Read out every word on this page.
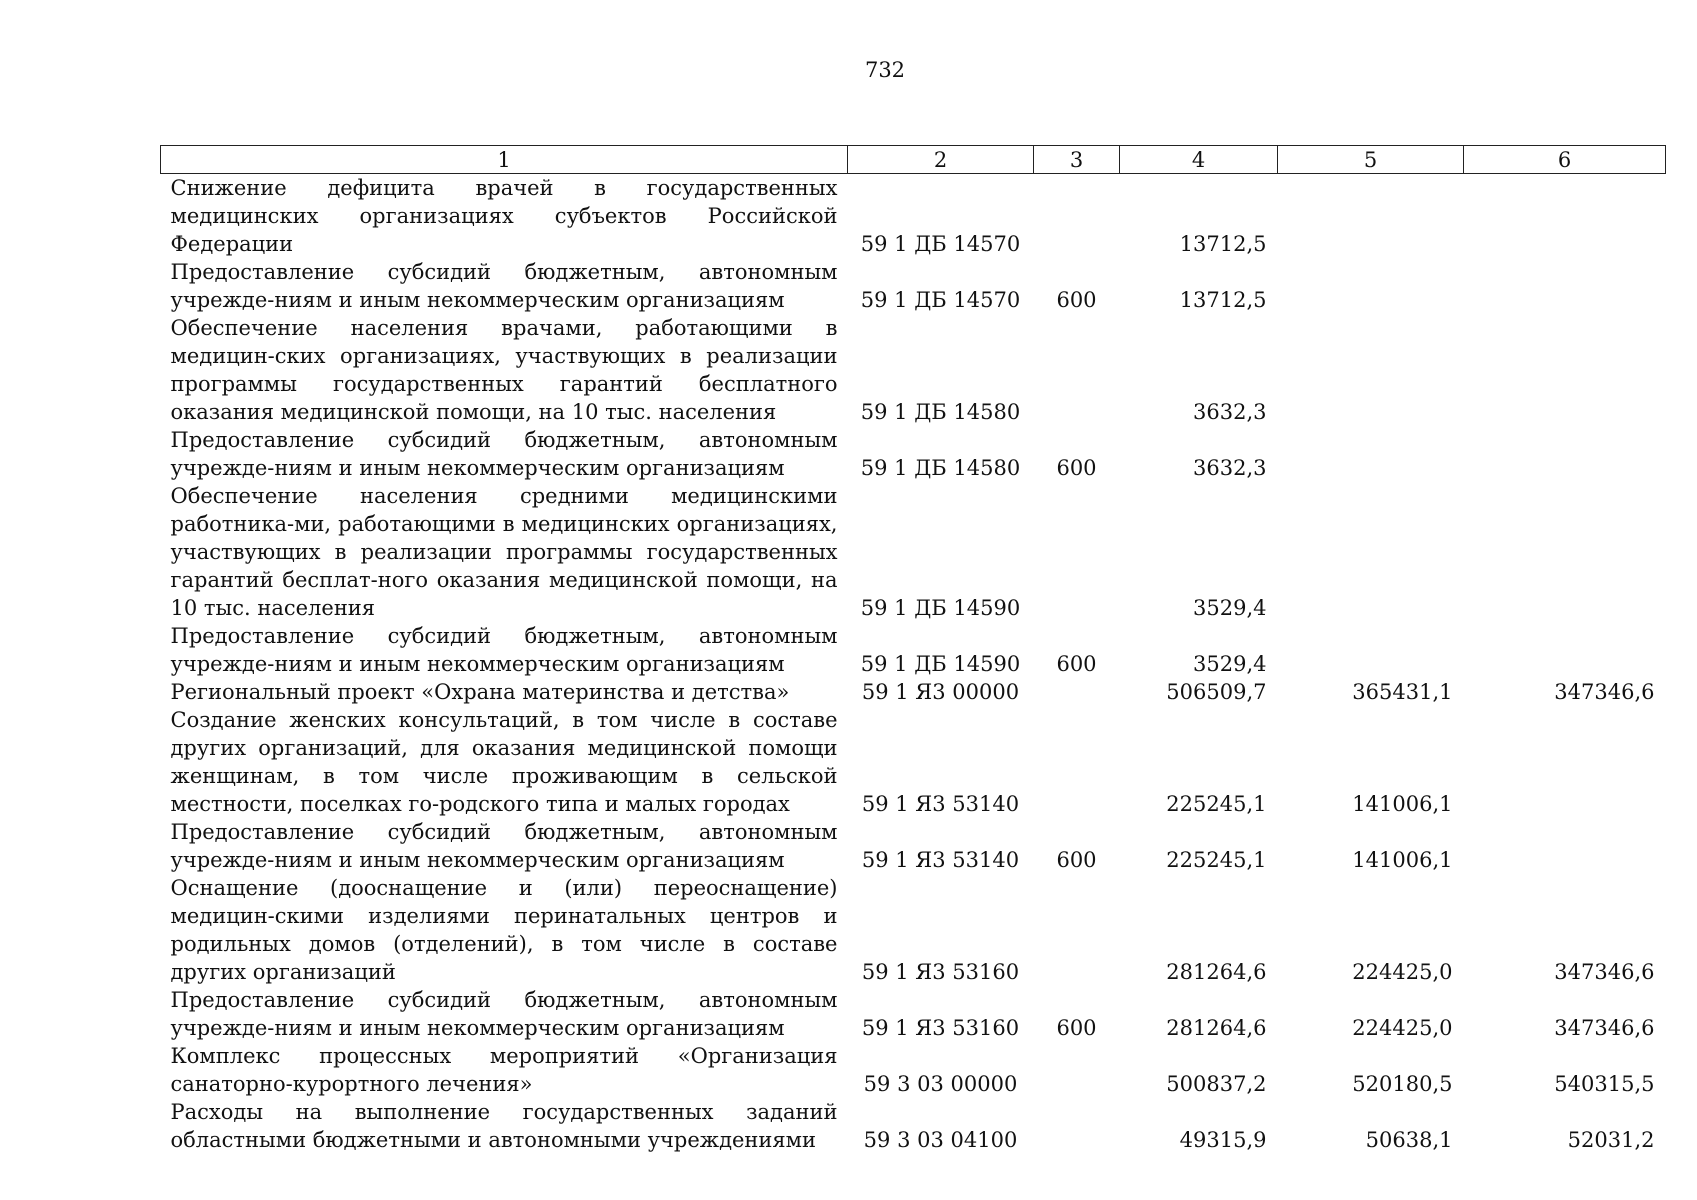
732
1	2	3	4	5	6
Снижение дефицита врачей в государственных медицинских организациях субъектов Российской Федерации	59 1 ДБ 14570		13712,5		
Предоставление субсидий бюджетным, автономным учрежде-ниям и иным некоммерческим организациям	59 1 ДБ 14570	600	13712,5		
Обеспечение населения врачами, работающими в медицин-ских организациях, участвующих в реализации программы государственных гарантий бесплатного оказания медицинской помощи, на 10 тыс. населения	59 1 ДБ 14580		3632,3		
Предоставление субсидий бюджетным, автономным учрежде-ниям и иным некоммерческим организациям	59 1 ДБ 14580	600	3632,3		
Обеспечение населения средними медицинскими работника-ми, работающими в медицинских организациях, участвующих в реализации программы государственных гарантий бесплат-ного оказания медицинской помощи, на 10 тыс. населения	59 1 ДБ 14590		3529,4		
Предоставление субсидий бюджетным, автономным учрежде-ниям и иным некоммерческим организациям	59 1 ДБ 14590	600	3529,4		
Региональный проект «Охрана материнства и детства»	59 1 Я3 00000		506509,7	365431,1	347346,6
Создание женских консультаций, в том числе в составе других организаций, для оказания медицинской помощи женщинам, в том числе проживающим в сельской местности, поселках го-родского типа и малых городах	59 1 Я3 53140		225245,1	141006,1	
Предоставление субсидий бюджетным, автономным учрежде-ниям и иным некоммерческим организациям	59 1 Я3 53140	600	225245,1	141006,1	
Оснащение (дооснащение и (или) переоснащение) медицин-скими изделиями перинатальных центров и родильных домов (отделений), в том числе в составе других организаций	59 1 Я3 53160		281264,6	224425,0	347346,6
Предоставление субсидий бюджетным, автономным учрежде-ниям и иным некоммерческим организациям	59 1 Я3 53160	600	281264,6	224425,0	347346,6
Комплекс процессных мероприятий «Организация санаторно-курортного лечения»	59 3 03 00000		500837,2	520180,5	540315,5
Расходы на выполнение государственных заданий областными бюджетными и автономными учреждениями	59 3 03 04100		49315,9	50638,1	52031,2
